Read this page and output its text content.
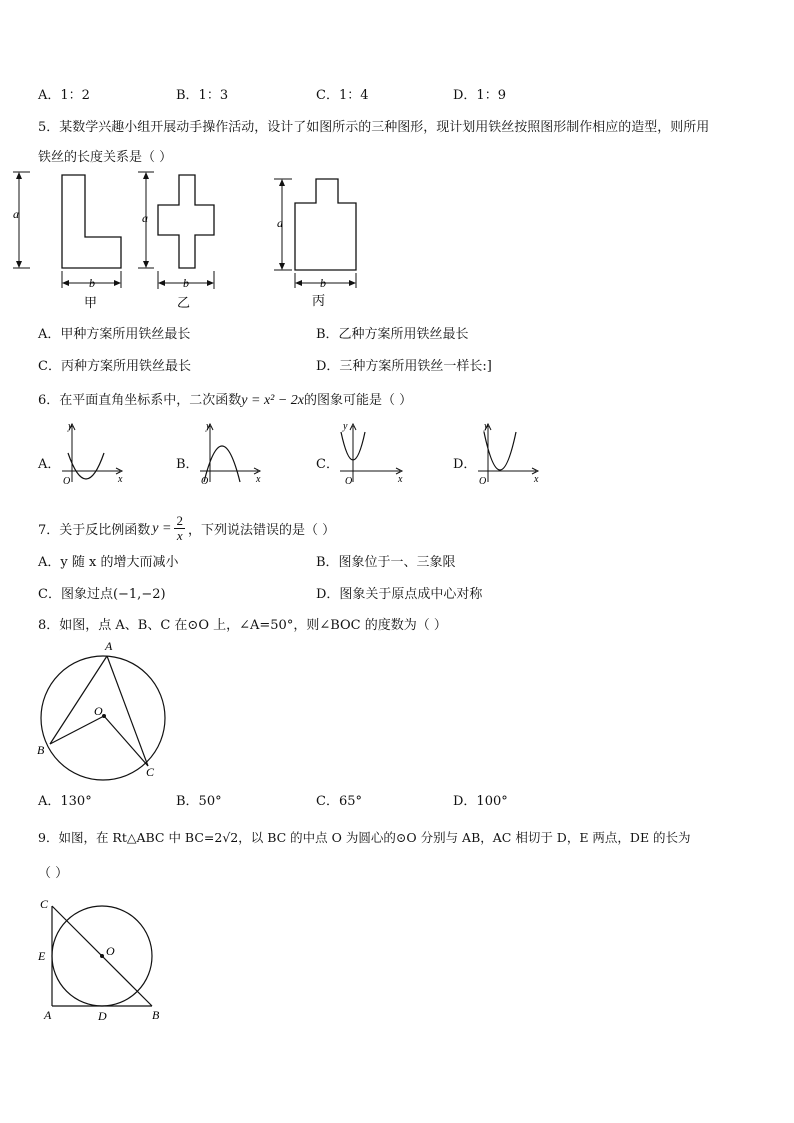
A．1：2	B．1：3	C．1：4	D．1：9
5．某数学兴趣小组开展动手操作活动，设计了如图所示的三种图形，现计划用铁丝按照图形制作相应的造型，则所用
铁丝的长度关系是（ ）
a
b
甲
a
b
乙
a
b
丙
A．甲种方案所用铁丝最长	B．乙种方案所用铁丝最长
C．丙种方案所用铁丝最长	D．三种方案所用铁丝一样长:]
6．在平面直角坐标系中，二次函数y = x² − 2x的图象可能是（ ）
A．	B．	C．	D．
y
x
O
y
x
O
y
x
O
y
x
O
7．关于反比例函数 $y = \frac{2}{x}$ ，下列说法错误的是（ ）
A．y 随 x 的增大而减小	B．图象位于一、三象限
C．图象过点(−1,−2)	D．图象关于原点成中心对称
8．如图，点 A、B、C 在⊙O 上，∠A=50°，则∠BOC 的度数为（ ）
A
B
C
O
A．130°	B．50°	C．65°	D．100°
9．如图，在 Rt△ABC 中 BC=2√2，以 BC 的中点 O 为圆心的⊙O 分别与 AB，AC 相切于 D，E 两点，DE 的长为
（ ）
C
E
A	D	B
O
